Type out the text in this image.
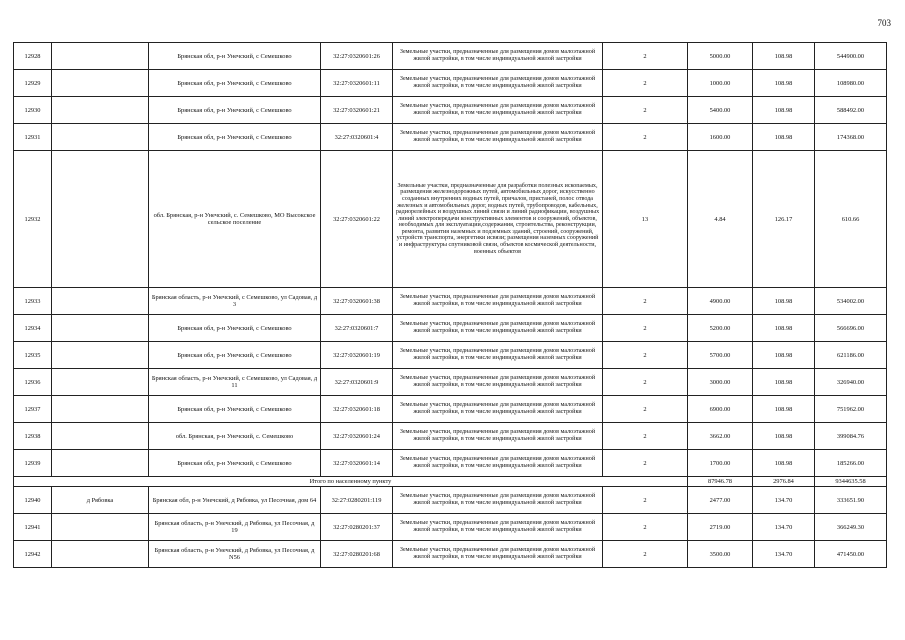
703
12928		Брянская обл, р-н Унечский, с Семешково	32:27:0320601:26	Земельные участки, предназначенные для размещения домов малоэтажной жилой застройки, в том числе индивидуальной жилой застройки	2	5000.00	108.98	544900.00
12929		Брянская обл, р-н Унечский, с Семешково	32:27:0320601:11	Земельные участки, предназначенные для размещения домов малоэтажной жилой застройки, в том числе индивидуальной жилой застройки	2	1000.00	108.98	108980.00
12930		Брянская обл, р-н Унечский, с Семешково	32:27:0320601:21	Земельные участки, предназначенные для размещения домов малоэтажной жилой застройки, в том числе индивидуальной жилой застройки	2	5400.00	108.98	588492.00
12931		Брянская обл, р-н Унечский, с Семешково	32:27:0320601:4	Земельные участки, предназначенные для размещения домов малоэтажной жилой застройки, в том числе индивидуальной жилой застройки	2	1600.00	108.98	174368.00
12932		обл. Брянская, р-н Унечский, с. Семешково, МО Высокское сельское поселение	32:27:0320601:22	Земельные участки, предназначенные для разработки полезных ископаемых, размещения железнодорожных путей, автомобильных дорог, искусственно созданных внутренних водных путей, причалов, пристаней, полос отвода железных и автомобильных дорог, водных путей, трубопроводов, кабельных, радиорелейных и воздушных линий связи и линий радиофикации, воздушных линий электропередачи конструктивных элементов и сооружений, объектов, необходимых для эксплуатации,содержания, строительства, реконструкции, ремонта, развития наземных и подземных зданий, строений, сооружений, устройств транспорта, энергетики исвязи; размещения наземных сооружений и инфраструктуры спутниковой связи, объектов космической деятельности, военных объектов	13	4.84	126.17	610.66
12933		Брянская область, р-н Унечский, с Семешково, ул Садовая, д 3	32:27:0320601:38	Земельные участки, предназначенные для размещения домов малоэтажной жилой застройки, в том числе индивидуальной жилой застройки	2	4900.00	108.98	534002.00
12934		Брянская обл, р-н Унечский, с Семешково	32:27:0320601:7	Земельные участки, предназначенные для размещения домов малоэтажной жилой застройки, в том числе индивидуальной жилой застройки	2	5200.00	108.98	566696.00
12935		Брянская обл, р-н Унечский, с Семешково	32:27:0320601:19	Земельные участки, предназначенные для размещения домов малоэтажной жилой застройки, в том числе индивидуальной жилой застройки	2	5700.00	108.98	621186.00
12936		Брянская область, р-н Унечский, с Семешково, ул Садовая, д 11	32:27:0320601:9	Земельные участки, предназначенные для размещения домов малоэтажной жилой застройки, в том числе индивидуальной жилой застройки	2	3000.00	108.98	326940.00
12937		Брянская обл, р-н Унечский, с Семешково	32:27:0320601:18	Земельные участки, предназначенные для размещения домов малоэтажной жилой застройки, в том числе индивидуальной жилой застройки	2	6900.00	108.98	751962.00
12938		обл. Брянская, р-н Унечский, с. Семешково	32:27:0320601:24	Земельные участки, предназначенные для размещения домов малоэтажной жилой застройки, в том числе индивидуальной жилой застройки	2	3662.00	108.98	399084.76
12939		Брянская обл, р-н Унечский, с Семешково	32:27:0320601:14	Земельные участки, предназначенные для размещения домов малоэтажной жилой застройки, в том числе индивидуальной жилой застройки	2	1700.00	108.98	185266.00
Итого по населенному пункту						87946.78	2976.84	9344635.58
12940	д Рябовка	Брянская обл, р-н Унечский, д Рябовка, ул Песочная, дом 64	32:27:0280201:119	Земельные участки, предназначенные для размещения домов малоэтажной жилой застройки, в том числе индивидуальной жилой застройки	2	2477.00	134.70	333651.90
12941		Брянская область, р-н Унечский, д Рябовка, ул Песочная, д 19	32:27:0280201:37	Земельные участки, предназначенные для размещения домов малоэтажной жилой застройки, в том числе индивидуальной жилой застройки	2	2719.00	134.70	366249.30
12942		Брянская область, р-н Унечский, д Рябовка, ул Песочная, д N56	32:27:0280201:68	Земельные участки, предназначенные для размещения домов малоэтажной жилой застройки, в том числе индивидуальной жилой застройки	2	3500.00	134.70	471450.00
